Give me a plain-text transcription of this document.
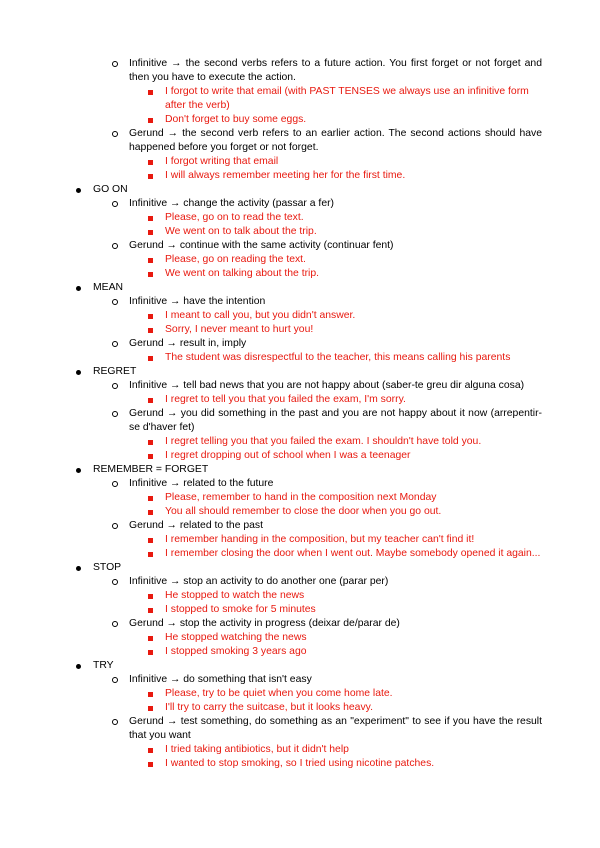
Infinitive → the second verbs refers to a future action. You first forget or not forget and then you have to execute the action.
I forgot to write that email (with PAST TENSES we always use an infinitive form after the verb)
Don't forget to buy some eggs.
Gerund → the second verb refers to an earlier action. The second actions should have happened before you forget or not forget.
I forgot writing that email
I will always remember meeting her for the first time.
GO ON
Infinitive → change the activity (passar a fer)
Please, go on to read the text.
We went on to talk about the trip.
Gerund → continue with the same activity (continuar fent)
Please, go on reading the text.
We went on talking about the trip.
MEAN
Infinitive → have the intention
I meant to call you, but you didn't answer.
Sorry, I never meant to hurt you!
Gerund → result in, imply
The student was disrespectful to the teacher, this means calling his parents
REGRET
Infinitive → tell bad news that you are not happy about (saber-te greu dir alguna cosa)
I regret to tell you that you failed the exam, I'm sorry.
Gerund → you did something in the past and you are not happy about it now (arrepentir-se d'haver fet)
I regret telling you that you failed the exam. I shouldn't have told you.
I regret dropping out of school when I was a teenager
REMEMBER = FORGET
Infinitive → related to the future
Please, remember to hand in the composition next Monday
You all should remember to close the door when you go out.
Gerund → related to the past
I remember handing in the composition, but my teacher can't find it!
I remember closing the door when I went out. Maybe somebody opened it again...
STOP
Infinitive → stop an activity to do another one (parar per)
He stopped to watch the news
I stopped to smoke for 5 minutes
Gerund → stop the activity in progress (deixar de/parar de)
He stopped watching the news
I stopped smoking 3 years ago
TRY
Infinitive → do something that isn't easy
Please, try to be quiet when you come home late.
I'll try to carry the suitcase, but it looks heavy.
Gerund → test something, do something as an "experiment" to see if you have the result that you want
I tried taking antibiotics, but it didn't help
I wanted to stop smoking, so I tried using nicotine patches.
